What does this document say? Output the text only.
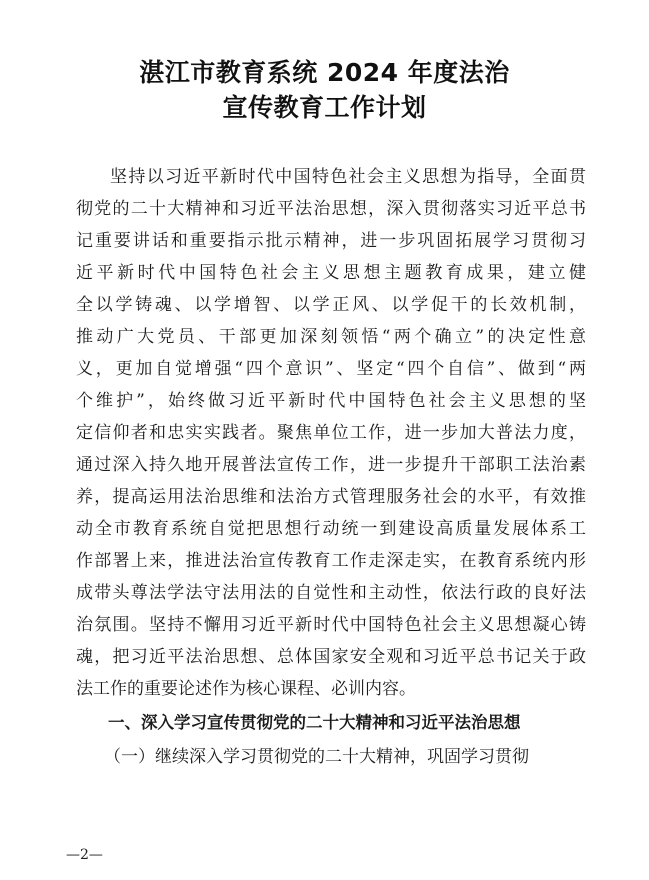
湛江市教育系统 2024 年度法治
宣传教育工作计划
坚持以习近平新时代中国特色社会主义思想为指导，全面贯
彻党的二十大精神和习近平法治思想，深入贯彻落实习近平总书
记重要讲话和重要指示批示精神，进一步巩固拓展学习贯彻习
近平新时代中国特色社会主义思想主题教育成果，建立健
全以学铸魂、以学增智、以学正风、以学促干的长效机制，
推动广大党员、干部更加深刻领悟“两个确立”的决定性意
义，更加自觉增强“四个意识”、坚定“四个自信”、做到“两
个维护”，始终做习近平新时代中国特色社会主义思想的坚
定信仰者和忠实实践者。聚焦单位工作，进一步加大普法力度，
通过深入持久地开展普法宣传工作，进一步提升干部职工法治素
养，提高运用法治思维和法治方式管理服务社会的水平，有效推
动全市教育系统自觉把思想行动统一到建设高质量发展体系工
作部署上来，推进法治宣传教育工作走深走实，在教育系统内形
成带头尊法学法守法用法的自觉性和主动性，依法行政的良好法
治氛围。坚持不懈用习近平新时代中国特色社会主义思想凝心铸
魂，把习近平法治思想、总体国家安全观和习近平总书记关于政
法工作的重要论述作为核心课程、必训内容。
一、深入学习宣传贯彻党的二十大精神和习近平法治思想
（一）继续深入学习贯彻党的二十大精神，巩固学习贯彻
—2—
